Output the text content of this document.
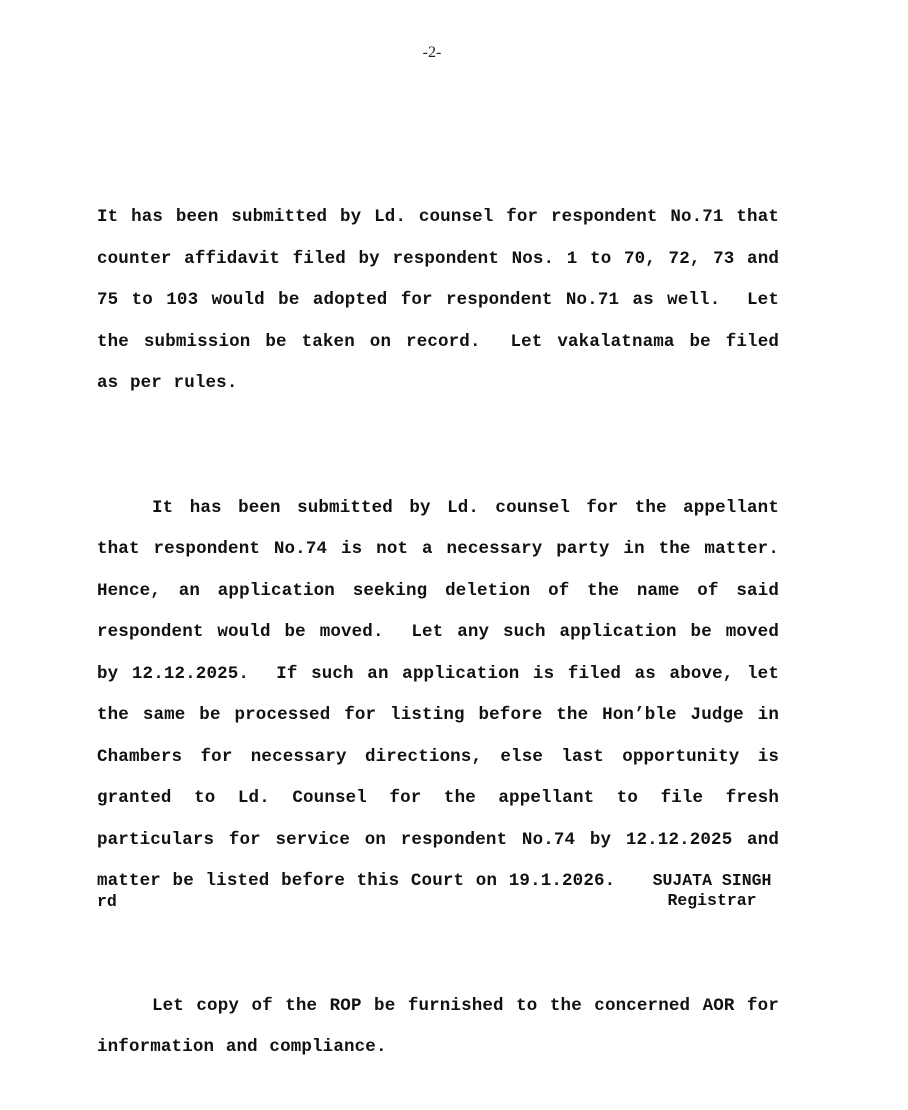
-2-

It has been submitted by Ld. counsel for respondent No.71 that counter affidavit filed by respondent Nos. 1 to 70, 72, 73 and 75 to 103 would be adopted for respondent No.71 as well.  Let the submission be taken on record.  Let vakalatnama be filed as per rules.

It has been submitted by Ld. counsel for the appellant that respondent No.74 is not a necessary party in the matter. Hence, an application seeking deletion of the name of said respondent would be moved.  Let any such application be moved by 12.12.2025.  If such an application is filed as above, let the same be processed for listing before the Hon’ble Judge in Chambers for necessary directions, else last opportunity is granted to Ld. Counsel for the appellant to file fresh particulars for service on respondent No.74 by 12.12.2025 and matter be listed before this Court on 19.1.2026.

Let copy of the ROP be furnished to the concerned AOR for information and compliance.

SUJATA SINGH
Registrar
rd
